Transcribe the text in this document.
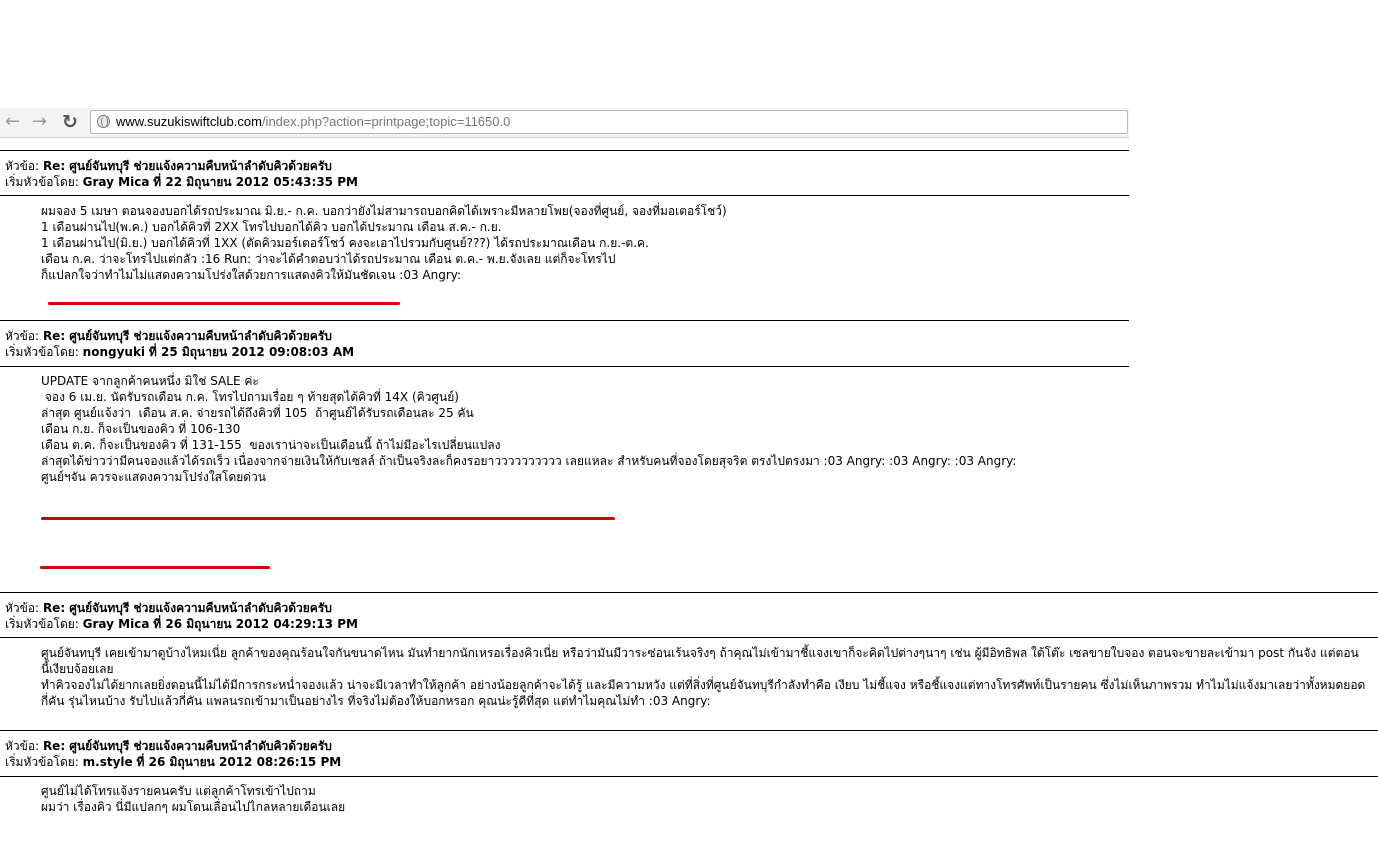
← → ↻	www.suzukiswiftclub.com/index.php?action=printpage;topic=11650.0
หัวข้อ: Re: ศูนย์จันทบุรี ช่วยแจ้งความคืบหน้าลำดับคิวด้วยครับ
เริ่มหัวข้อโดย: Gray Mica ที่ 22 มิถุนายน 2012 05:43:35 PM

ผมจอง 5 เมษา ตอนจองบอกได้รถประมาณ มิ.ย.- ก.ค. บอกว่ายังไม่สามารถบอกคิดได้เพราะมีหลายโพย(จองที่ศูนย์, จองที่มอเตอร์โชว์)

1 เดือนผ่านไป(พ.ค.) บอกได้คิวที่ 2XX โทรไปบอกได้คิว บอกได้ประมาณ เดือน ส.ค.- ก.ย.

1 เดือนผ่านไป(มิ.ย.) บอกได้คิวที่ 1XX (ตัดคิวมอร์เตอร์โชว์ คงจะเอาไปรวมกับศูนย์???) ได้รถประมาณเดือน ก.ย.-ต.ค.

เดือน ก.ค. ว่าจะโทรไปแต่กลัว :16 Run: ว่าจะได้คำตอบว่าได้รถประมาณ เดือน ต.ค.- พ.ย.จังเลย แต่ก็จะโทรไป

ก็แปลกใจว่าทำไมไม่แสดงความโปร่งใสด้วยการแสดงคิวให้มันชัดเจน :03 Angry:

หัวข้อ: Re: ศูนย์จันทบุรี ช่วยแจ้งความคืบหน้าลำดับคิวด้วยครับ
เริ่มหัวข้อโดย: nongyuki ที่ 25 มิถุนายน 2012 09:08:03 AM

UPDATE จากลูกค้าคนหนึ่ง มิใช่ SALE ค่ะ

จอง 6 เม.ย. นัดรับรถเดือน ก.ค. โทรไปถามเรื่อย ๆ ท้ายสุดได้คิวที่ 14X (คิวศูนย์)

ล่าสุด ศูนย์แจ้งว่า  เดือน ส.ค. จ่ายรถได้ถึงคิวที่ 105  ถ้าศูนย์ได้รับรถเดือนละ 25 คัน

เดือน ก.ย. ก็จะเป็นของคิว ที่ 106-130

เดือน ต.ค. ก็จะเป็นของคิว ที่ 131-155  ของเราน่าจะเป็นเดือนนี้ ถ้าไม่มีอะไรเปลี่ยนแปลง

ล่าสุดได้ข่าวว่ามีคนจองแล้วได้รถเร็ว เนื่องจากจ่ายเงินให้กับเซลล์ ถ้าเป็นจริงละก็คงรอยาวววววววววว เลยแหละ สำหรับคนที่จองโดยสุจริต ตรงไปตรงมา :03 Angry: :03 Angry: :03 Angry:

ศูนย์ฯจัน ควรจะแสดงความโปร่งใสโดยด่วน

หัวข้อ: Re: ศูนย์จันทบุรี ช่วยแจ้งความคืบหน้าลำดับคิวด้วยครับ
เริ่มหัวข้อโดย: Gray Mica ที่ 26 มิถุนายน 2012 04:29:13 PM

ศูนย์จันทบุรี เคยเข้ามาดูบ้างไหมเนี่ย ลูกค้าของคุณร้อนใจกันขนาดไหน มันทำยากนักเหรอเรื่องคิวเนี่ย หรือว่ามันมีวาระซ่อนเร้นจริงๆ ถ้าคุณไม่เข้ามาชี้แจงเขาก็จะคิดไปต่างๆนาๆ เช่น ผู้มีอิทธิพล ใต้โต๊ะ เซลขายใบจอง ตอนจะขายละเข้ามา post กันจัง แต่ตอนนี้เงียบจ้อยเลย

ทำคิวจองไม่ได้ยากเลยยิ่งตอนนี้ไม่ได้มีการกระหน่ำจองแล้ว น่าจะมีเวลาทำให้ลูกค้า อย่างน้อยลูกค้าจะได้รู้ และมีความหวัง แต่ที่สิ่งที่ศูนย์จันทบุรีกำลังทำคือ เงียบ ไม่ชี้แจง หรือชี้แจงแต่ทางโทรศัพท์เป็นรายคน ซึ่งไม่เห็นภาพรวม ทำไมไม่แจ้งมาเลยว่าทั้งหมดยอดกี่คัน รุ่นไหนบ้าง รับไปแล้วกี่คัน แพลนรถเข้ามาเป็นอย่างไร ที่จริงไม่ต้องให้บอกหรอก คุณน่ะรู้ดีที่สุด แต่ทำไมคุณไม่ทำ :03 Angry:

หัวข้อ: Re: ศูนย์จันทบุรี ช่วยแจ้งความคืบหน้าลำดับคิวด้วยครับ
เริ่มหัวข้อโดย: m.style ที่ 26 มิถุนายน 2012 08:26:15 PM

ศูนย์ไม่ได้โทรแจ้งรายคนครับ แต่ลูกค้าโทรเข้าไปถาม

ผมว่า เรื่องคิว นี่มีแปลกๆ ผมโดนเลื่อนไปไกลหลายเดือนเลย
